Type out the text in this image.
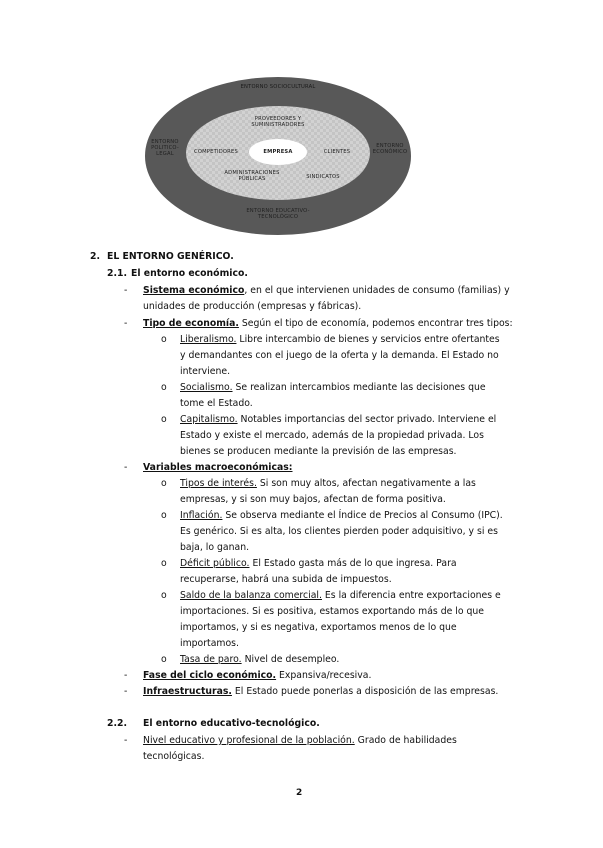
ENTORNO SOCIOCULTURAL
ENTORNO
POLITICO-
LEGAL
ENTORNO
ECONÓMICO
ENTORNO EDUCATIVO-
TECNOLÓGICO
PROVEEDORES Y
SUMINISTRADORES
COMPETIDORES	CLIENTES
ADMINISTRACIONES
PÚBLICAS	SINDICATOS
EMPRESA
2. EL ENTORNO GENÉRICO.
2.1. El entorno económico.
- Sistema económico, en el que intervienen unidades de consumo (familias) y
unidades de producción (empresas y fábricas).
- Tipo de economía. Según el tipo de economía, podemos encontrar tres tipos:
o Liberalismo. Libre intercambio de bienes y servicios entre ofertantes
y demandantes con el juego de la oferta y la demanda. El Estado no
interviene.
o Socialismo. Se realizan intercambios mediante las decisiones que
tome el Estado.
o Capitalismo. Notables importancias del sector privado. Interviene el
Estado y existe el mercado, además de la propiedad privada. Los
bienes se producen mediante la previsión de las empresas.
- Variables macroeconómicas:
o Tipos de interés. Si son muy altos, afectan negativamente a las
empresas, y si son muy bajos, afectan de forma positiva.
o Inflación. Se observa mediante el Índice de Precios al Consumo (IPC).
Es genérico. Si es alta, los clientes pierden poder adquisitivo, y si es
baja, lo ganan.
o Déficit público. El Estado gasta más de lo que ingresa. Para
recuperarse, habrá una subida de impuestos.
o Saldo de la balanza comercial. Es la diferencia entre exportaciones e
importaciones. Si es positiva, estamos exportando más de lo que
importamos, y si es negativa, exportamos menos de lo que
importamos.
o Tasa de paro. Nivel de desempleo.
- Fase del ciclo económico. Expansiva/recesiva.
- Infraestructuras. El Estado puede ponerlas a disposición de las empresas.
2.2. El entorno educativo-tecnológico.
- Nivel educativo y profesional de la población. Grado de habilidades
tecnológicas.
2
